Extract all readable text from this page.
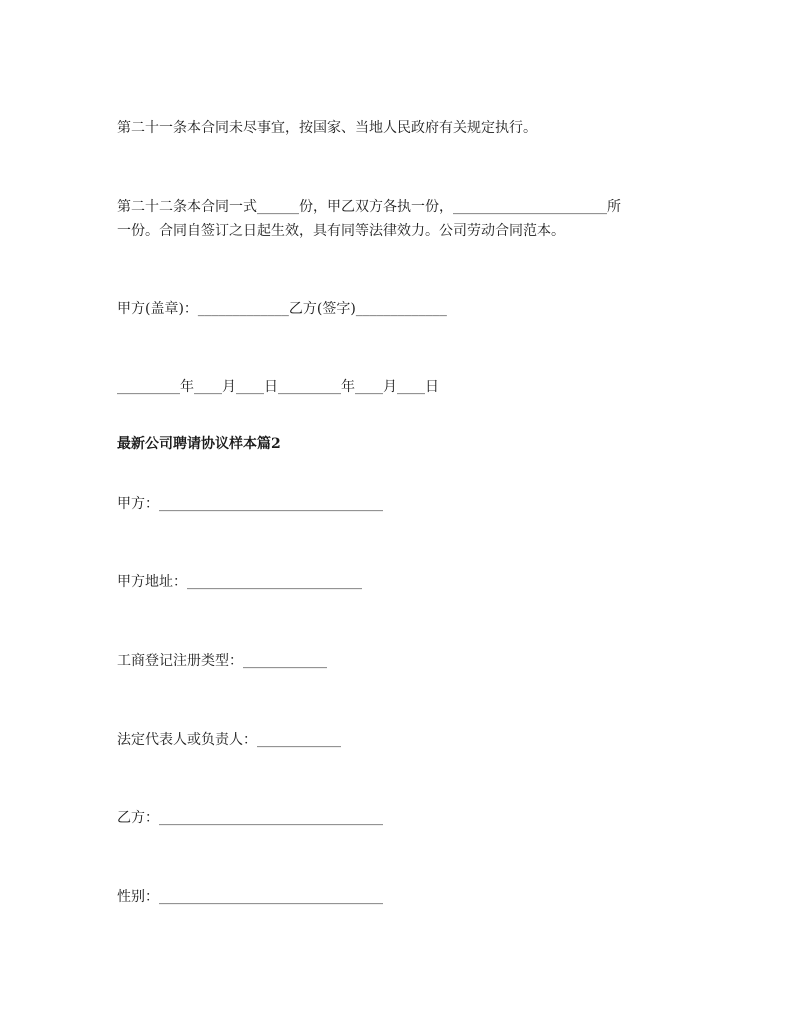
第二十一条本合同未尽事宜，按国家、当地人民政府有关规定执行。
第二十二条本合同一式______份，甲乙双方各执一份，______________________所
一份。合同自签订之日起生效，具有同等法律效力。公司劳动合同范本。
甲方(盖章)：_____________乙方(签字)_____________
_________年____月____日_________年____月____日
最新公司聘请协议样本篇2
甲方：________________________________
甲方地址：_________________________
工商登记注册类型：____________
法定代表人或负责人：____________
乙方：________________________________
性别：________________________________
